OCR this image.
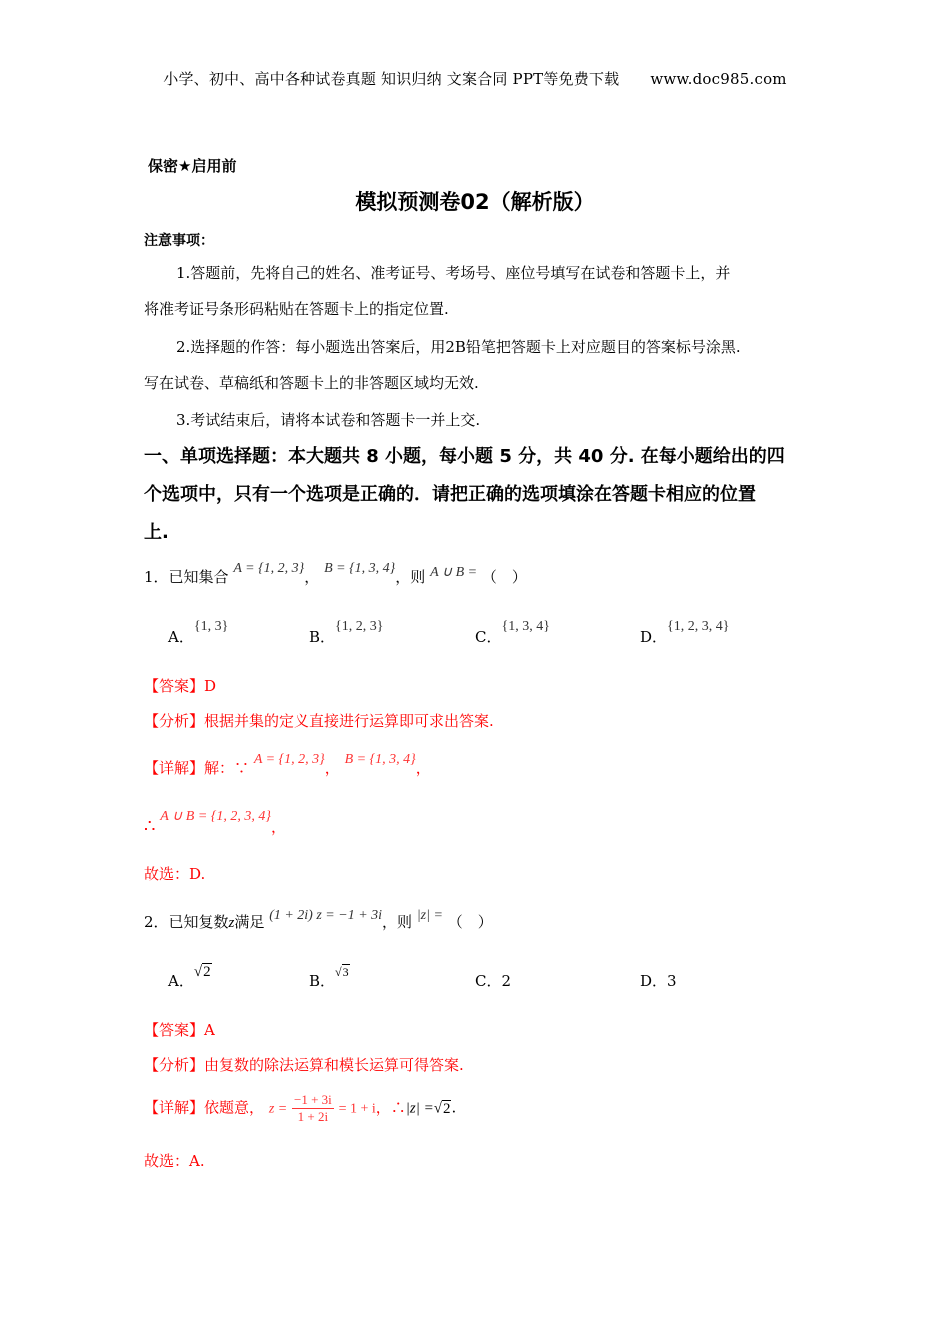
小学、初中、高中各种试卷真题 知识归纳 文案合同 PPT等免费下载 www.doc985.com
保密★启用前
模拟预测卷02（解析版）
注意事项：
1.答题前，先将自己的姓名、准考证号、考场号、座位号填写在试卷和答题卡上，并
将准考证号条形码粘贴在答题卡上的指定位置.
2.选择题的作答：每小题选出答案后，用2B铅笔把答题卡上对应题目的答案标号涂黑.
写在试卷、草稿纸和答题卡上的非答题区域均无效.
3.考试结束后，请将本试卷和答题卡一并上交.
一、单项选择题：本大题共 8 小题，每小题 5 分，共 40 分. 在每小题给出的四
个选项中，只有一个选项是正确的．请把正确的选项填涂在答题卡相应的位置
上.
1．已知集合 A = {1, 2, 3}， B = {1, 3, 4}，则 A ∪ B = （　）
A．{1, 3}
B．{1, 2, 3}
C．{1, 3, 4}
D．{1, 2, 3, 4}
【答案】D
【分析】根据并集的定义直接进行运算即可求出答案.
【详解】解：∵ A = {1, 2, 3}， B = {1, 3, 4}，
∴ A ∪ B = {1, 2, 3, 4}，
故选：D.
2．已知复数z满足 (1 + 2i) z = −1 + 3i，则 |z| = （　）
A．√2	B．$^{√3}$	C．2	D．3
【答案】A
【分析】由复数的除法运算和模长运算可得答案.
【详解】依题意， $z = \frac{-1 + 3i}{1 + 2i} = 1 + i$，∴|z| =√2.
故选：A.
